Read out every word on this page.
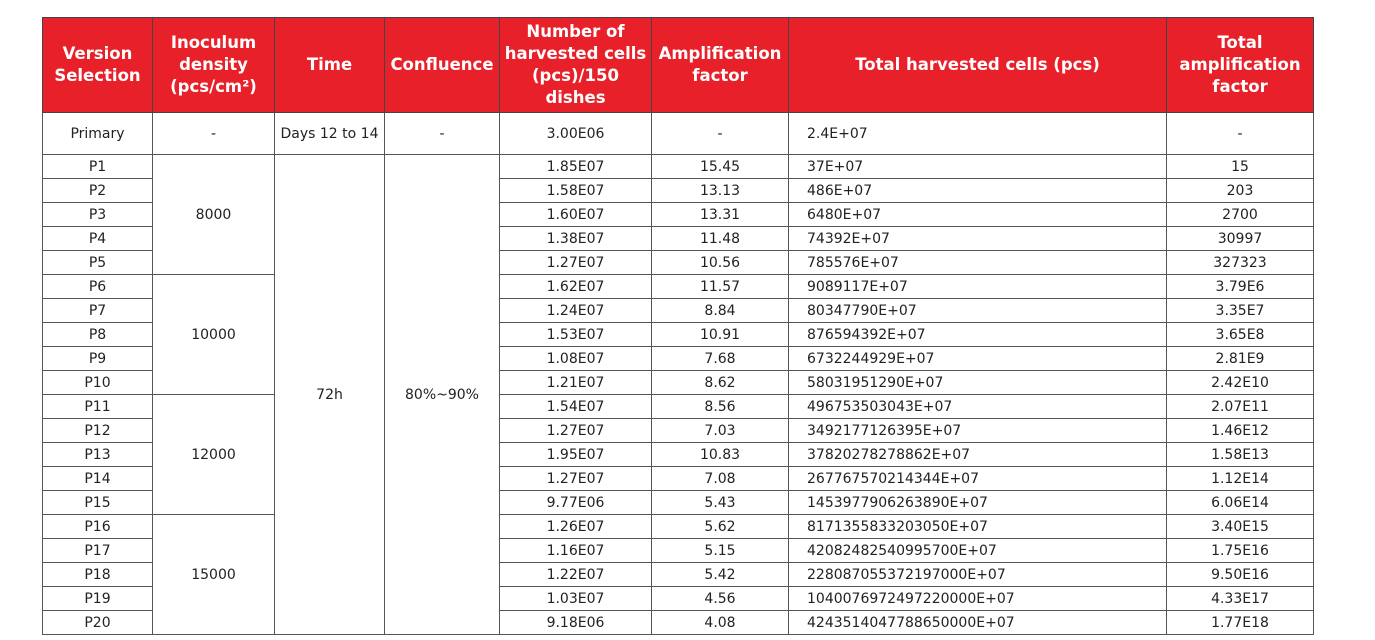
Version Selection	Inoculum density (pcs/cm²)	Time	Confluence	Number of harvested cells (pcs)/150 dishes	Amplification factor	Total harvested cells (pcs)	Total amplification factor
Primary	-	Days 12 to 14	-	3.00E06	-	2.4E+07	-
P1	8000	72h	80%~90%	1.85E07	15.45	37E+07	15
P2				1.58E07	13.13	486E+07	203
P3				1.60E07	13.31	6480E+07	2700
P4				1.38E07	11.48	74392E+07	30997
P5				1.27E07	10.56	785576E+07	327323
P6	10000			1.62E07	11.57	9089117E+07	3.79E6
P7				1.24E07	8.84	80347790E+07	3.35E7
P8				1.53E07	10.91	876594392E+07	3.65E8
P9				1.08E07	7.68	6732244929E+07	2.81E9
P10				1.21E07	8.62	58031951290E+07	2.42E10
P11	12000			1.54E07	8.56	496753503043E+07	2.07E11
P12				1.27E07	7.03	3492177126395E+07	1.46E12
P13				1.95E07	10.83	37820278278862E+07	1.58E13
P14				1.27E07	7.08	267767570214344E+07	1.12E14
P15				9.77E06	5.43	1453977906263890E+07	6.06E14
P16	15000			1.26E07	5.62	8171355833203050E+07	3.40E15
P17				1.16E07	5.15	42082482540995700E+07	1.75E16
P18				1.22E07	5.42	228087055372197000E+07	9.50E16
P19				1.03E07	4.56	1040076972497220000E+07	4.33E17
P20				9.18E06	4.08	4243514047788650000E+07	1.77E18
